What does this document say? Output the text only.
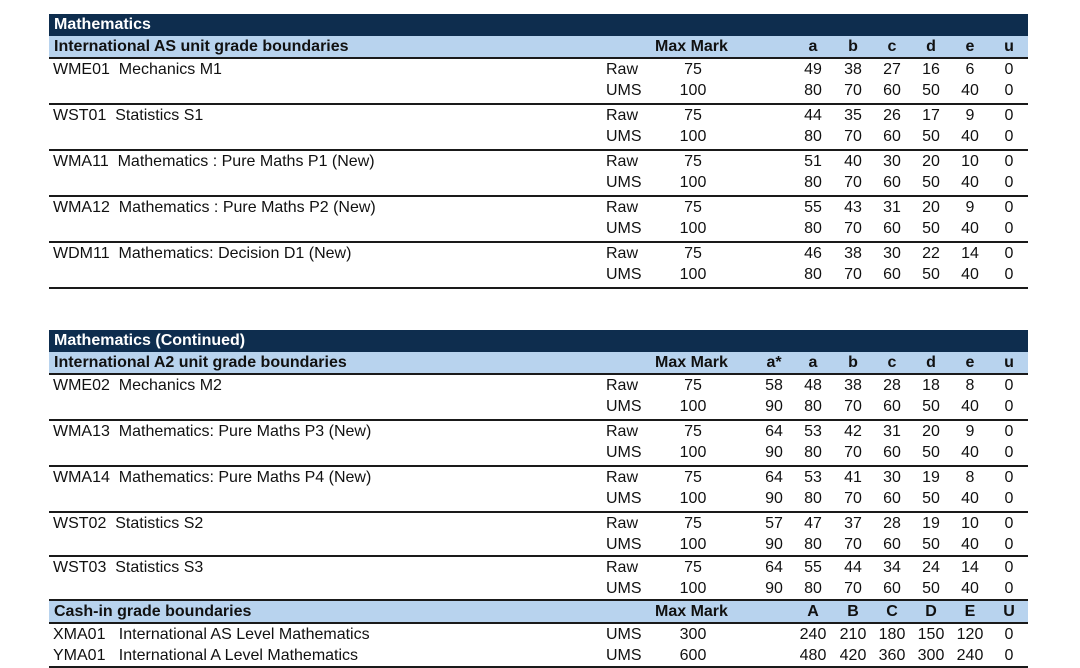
Mathematics
International AS unit grade boundaries	Max Mark	a	b	c	d	e	u
WME01  Mechanics M1	Raw	75	49	38	27	16	6	0
UMS 100	80	70	60	50	40	0
WST01  Statistics S1	Raw	75	44	35	26	17	9	0
UMS 100	80	70	60	50	40	0
WMA11  Mathematics : Pure Maths P1 (New)	Raw	75	51	40	30	20	10	0
UMS 100	80	70	60	50	40	0
WMA12  Mathematics : Pure Maths P2 (New)	Raw	75	55	43	31	20	9	0
UMS 100	80	70	60	50	40	0
WDM11  Mathematics: Decision D1 (New)	Raw	75	46	38	30	22	14	0
UMS 100	80	70	60	50	40	0
Mathematics (Continued)
International A2 unit grade boundaries	Max Mark	a*	a	b	c	d	e	u
WME02  Mechanics M2	Raw	75	58	48	38	28	18	8	0
UMS 100	90	80	70	60	50	40	0
WMA13  Mathematics: Pure Maths P3 (New)	Raw	75	64	53	42	31	20	9	0
UMS 100	90	80	70	60	50	40	0
WMA14  Mathematics: Pure Maths P4 (New)	Raw	75	64	53	41	30	19	8	0
UMS 100	90	80	70	60	50	40	0
WST02  Statistics S2	Raw	75	57	47	37	28	19	10	0
UMS 100	90	80	70	60	50	40	0
WST03  Statistics S3	Raw	75	64	55	44	34	24	14	0
UMS 100	90	80	70	60	50	40	0
Cash-in grade boundaries	Max Mark	A	B	C	D	E	U
XMA01   International AS Level Mathematics	UMS 300	240 210 180 150 120	0
YMA01   International A Level Mathematics	UMS 600	480 420 360 300 240	0
